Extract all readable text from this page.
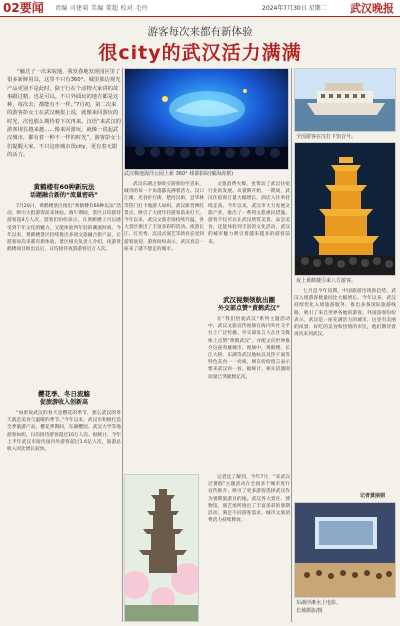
02要闻 责编 司建菊 美编 董超 校对 毛玲	2024年7月30日 星期二 武汉晚报
游客每次来都有新体验
很city的武汉活力满满

“触达了一次来皖地，我发春地发现园区里了很多新鲜用具，这里不只有360°，城里那边观光产品更别不是此时，除于行在个动物大家讲的故事跟过精，也是可以。不只外面玩的地方都是这种，每次去，都能有不一样。”7月初，第二次来的游客彭女士在武汉晚报上说，就像来回游玩的时光，次也那么期待着下次再来。汉语“来武汉的游客现在越来越……像来回游玩，就像一说起武汉城市，都有着一种不一样的时光”，游客彭女士们提醒大家，不只这座城市很city，更有着无限的活力。

全国游客在汉打卡知音号。
夜上黄鹤楼引来八方游客。
武汉极地海洋公园上新 360° 球幕影院(戴海涛摄)
黄鹤楼有60种新玩法
话题融合新的“流量密码”

7月20日，黄鹤楼景区推出“黄鹤楼有60种玩法”活动，吸引大批游客前来体验。端午期间，景区日均接待游客超4万人次。游客们纷纷表示，在黄鹤楼上可以感受到千年文化的魅力，又能体验到年轻的潮流时尚。今年以来，黄鹤楼景区持续推出多项文旅融合新产品，让游客每次来都有新体验。景区相关负责人介绍，夜游黄鹤楼项目推出以后，日均接待夜游游客近万人次。

樱花季、冬日流觞
促旅游收入创新高

“如果说武汉的春天是樱花的季节，那么武汉的冬天就是美食与温暖的季节。”今年以来，武汉市积极打造全季旅游产品，樱花季期间，东湖樱园、武汉大学等地游客如织，日均接待游客超过10万人次。据统计，今年上半年武汉市接待国内外游客超过1.6亿人次，旅游总收入同比增长较快。

武汉东湖之春吸引游客纷至沓来，城市的每一个角落都充满着活力。汉口江滩、光谷步行街、楚河汉街、昙华林等热门打卡地游人如织。武汉新晋网红景点，吸引了大批年轻游客前来打卡。今年以来，武汉文旅市场持续升温，各大景区推出了丰富多彩的活动。夜游长江、灯光秀、沉浸式演艺等新业态受到游客欢迎。游客纷纷表示，武汉真是一座来了就不想走的城市。

文旅消费火爆，也带动了武汉住宿行业的发展。从暑期开始，一期间，武汉住宿预订量大幅增长，酒店入住率持续走高。今年以来，武汉市大力发展文旅产业，推出了一系列文旅惠民措施。游客不仅可以在武汉欣赏美景、品尝美食，还能体验到丰富的文化活动，武汉的城市魅力吸引着越来越多的游客前来。

武汉视频领航出圈
外交部点赞“黄鹤武汉”

在“我们热爱武汉”系列主题活动中，武汉文旅宣传视频在海内外社交平台上广泛传播。外交部发言人在社交媒体上点赞“黄鹤武汉”，并配文向世界推介这座英雄城市。视频中，黄鹤楼、长江大桥、东湖等武汉地标以及热干面等特色美食一一亮相，网友纷纷留言表示要来武汉看一看。据统计，相关话题阅读量已突破数亿次。

七月是今年同期，中国旅游出现新趋势，武汉入境游客数量同比大幅增长。今年以来，武汉持续优化入境旅游服务，推出多条国际旅游线路，吸引了来自世界各地的游客。外国游客纷纷表示，武汉是一座充满活力的城市，这里有美丽的风景、好吃的美食和热情的市民，他们期待着再次来到武汉。

记者黄丽娟

记者还了解到，今年7月，“来武汉过暑假”主题活动在全国多个城市进行宣传推介，吸引了更多游客选择武汉作为暑期旅游目的地。武汉各大景区、博物馆、演艺场所推出了丰富多彩的暑期活动，满足不同游客需求，城市文旅消费活力持续释放。

东湖沙滩水上电影。
长城摄影/摄
